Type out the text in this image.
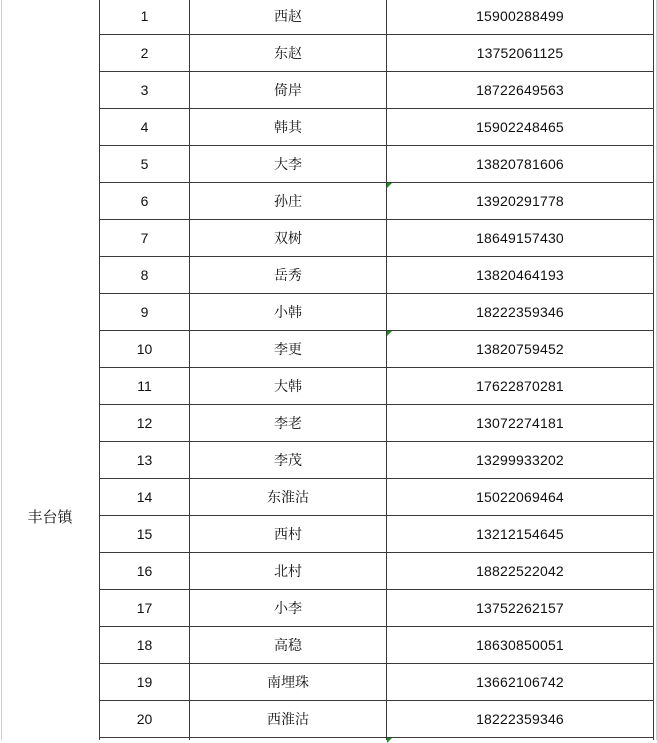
丰台镇
1	西赵	15900288499
2	东赵	13752061125
3	倚岸	18722649563
4	韩其	15902248465
5	大李	13820781606
6	孙庄	13920291778
7	双树	18649157430
8	岳秀	13820464193
9	小韩	18222359346
10	李更	13820759452
11	大韩	17622870281
12	李老	13072274181
13	李茂	13299933202
14	东淮沽	15022069464
15	西村	13212154645
16	北村	18822522042
17	小李	13752262157
18	高稳	18630850051
19	南埋珠	13662106742
20	西淮沽	18222359346
